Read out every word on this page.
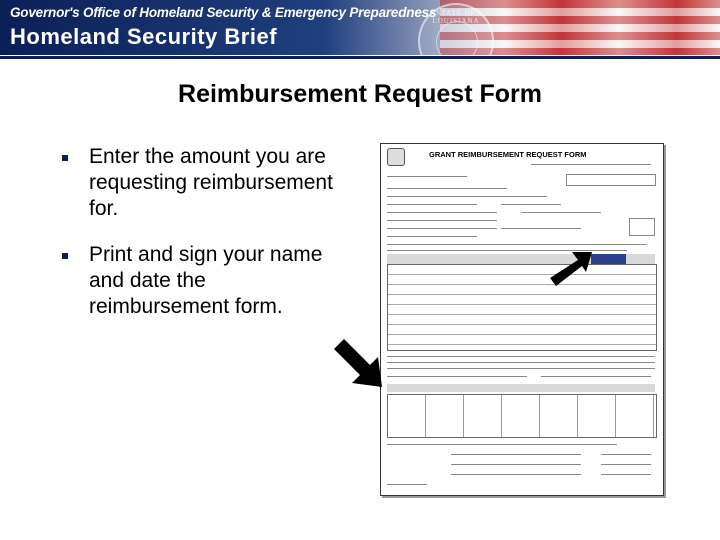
Governor's Office of Homeland Security & Emergency Preparedness
Homeland Security Brief
STATE OF LOUISIANA
Reimbursement Request Form
Enter the amount you are requesting reimbursement for.
Print and sign your name and date the reimbursement form.
GRANT REIMBURSEMENT REQUEST FORM
